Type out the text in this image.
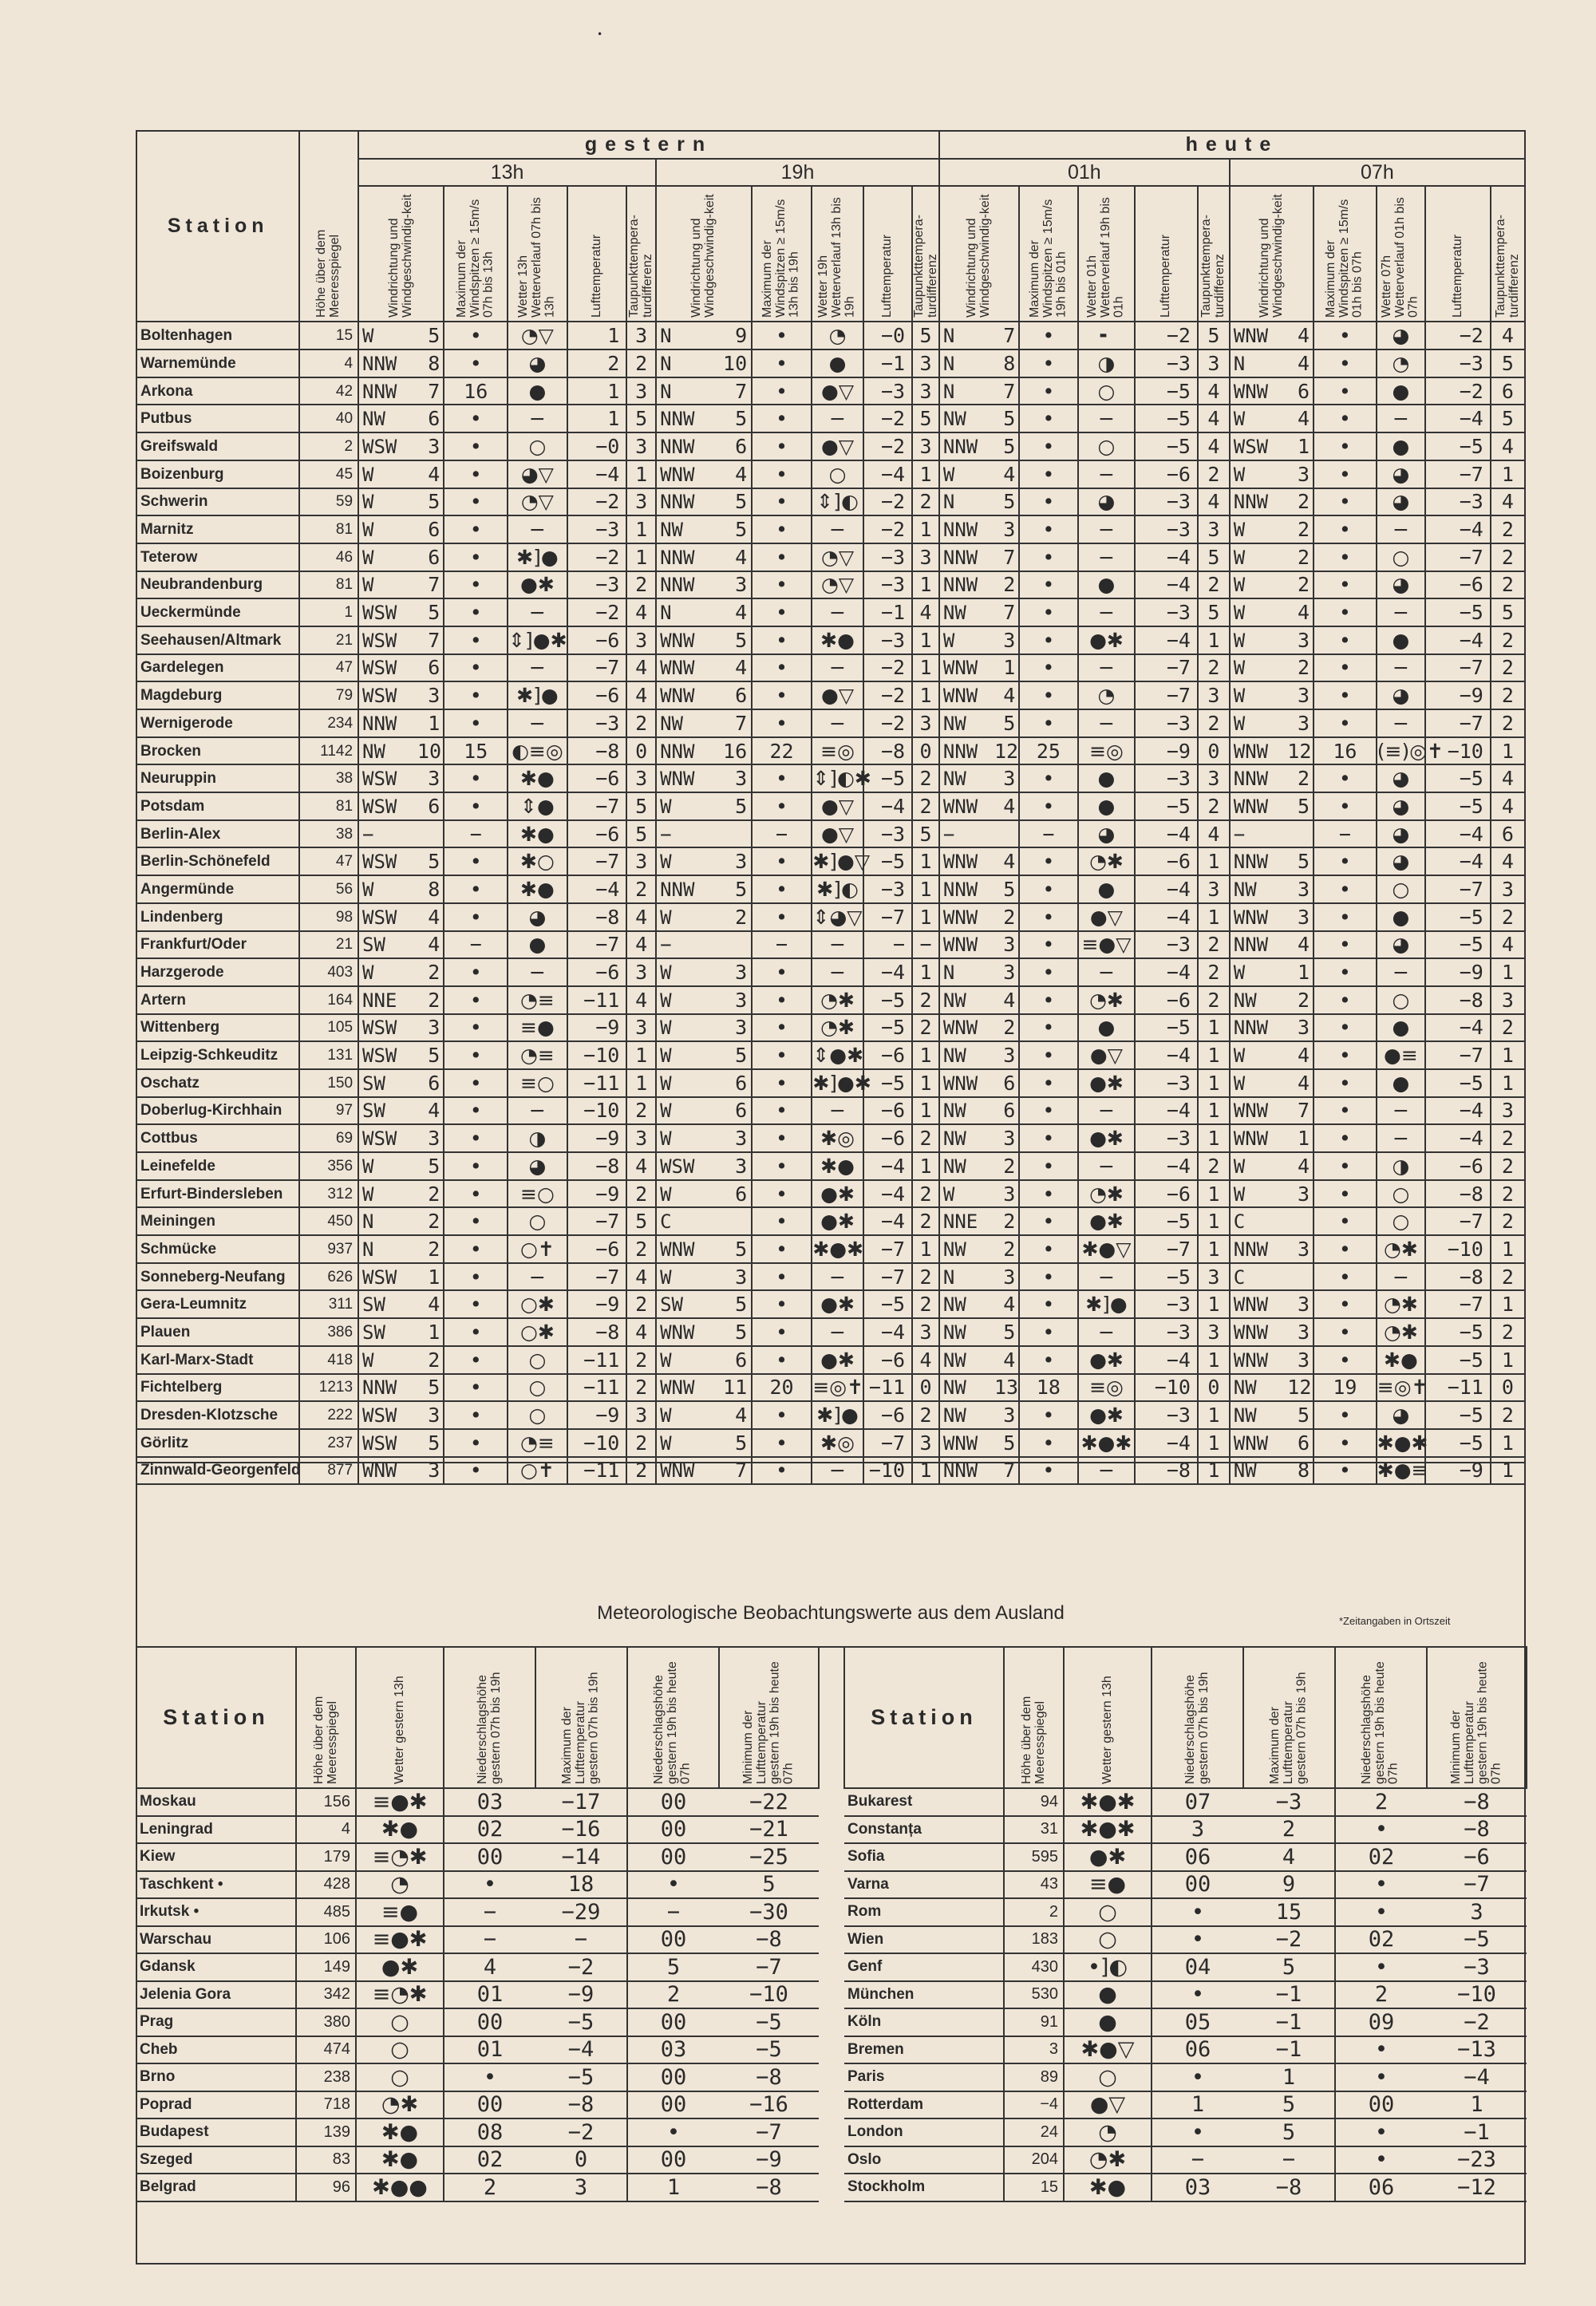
•
Station	Höhe über dem Meeresspiegel	gestern										heute									
		13h					19h					01h					07h				

		Windrichtung und Windgeschwindig-keit	Maximum der Windspitzen ≥ 15m/s 07h bis 13h	Wetter 13h Wetterverlauf 07h bis 13h	Lufttemperatur	Taupunkttempera-turdifferenz	Windrichtung und Windgeschwindig-keit	Maximum der Windspitzen ≥ 15m/s 13h bis 19h	Wetter 19h Wetterverlauf 13h bis 19h	Lufttemperatur	Taupunkttempera-turdifferenz	Windrichtung und Windgeschwindig-keit	Maximum der Windspitzen ≥ 15m/s 19h bis 01h	Wetter 01h Wetterverlauf 19h bis 01h	Lufttemperatur	Taupunkttempera-turdifferenz	Windrichtung und Windgeschwindig-keit	Maximum der Windspitzen ≥ 15m/s 01h bis 07h	Wetter 07h Wetterverlauf 01h bis 07h	Lufttemperatur	Taupunkttempera-turdifferenz

Boltenhagen	15	W 5	•	◔▽	1	3	N 9	•	◔	−0	5	N 7	•	╸	−2	5	WNW 4	•	◕	−2	4
Warnemünde	4	NNW 8	•	◕	2	2	N 10	•	●	−1	3	N 8	•	◑	−3	3	N 4	•	◔	−3	5
Arkona	42	NNW 7	16	●	1	3	N 7	•	●▽	−3	3	N 7	•	○	−5	4	WNW 6	•	●	−2	6
Putbus	40	NW 6	•	−	1	5	NNW 5	•	−	−2	5	NW 5	•	−	−5	4	W 4	•	−	−4	5
Greifswald	2	WSW 3	•	○	−0	3	NNW 6	•	●▽	−2	3	NNW 5	•	○	−5	4	WSW 1	•	●	−5	4
Boizenburg	45	W 4	•	◕▽	−4	1	WNW 4	•	○	−4	1	W 4	•	−	−6	2	W 3	•	◕	−7	1
Schwerin	59	W 5	•	◔▽	−2	3	NNW 5	•	⇕]◐	−2	2	N 5	•	◕	−3	4	NNW 2	•	◕	−3	4
Marnitz	81	W 6	•	−	−3	1	NW 5	•	−	−2	1	NNW 3	•	−	−3	3	W 2	•	−	−4	2
Teterow	46	W 6	•	✱]●	−2	1	NNW 4	•	◔▽	−3	3	NNW 7	•	−	−4	5	W 2	•	○	−7	2
Neubrandenburg	81	W 7	•	●✱	−3	2	NNW 3	•	◔▽	−3	1	NNW 2	•	●	−4	2	W 2	•	◕	−6	2
Ueckermünde	1	WSW 5	•	−	−2	4	N 4	•	−	−1	4	NW 7	•	−	−3	5	W 4	•	−	−5	5
Seehausen/Altmark	21	WSW 7	•	⇕]●✱	−6	3	WNW 5	•	✱●	−3	1	W 3	•	●✱	−4	1	W 3	•	●	−4	2
Gardelegen	47	WSW 6	•	−	−7	4	WNW 4	•	−	−2	1	WNW 1	•	−	−7	2	W 2	•	−	−7	2
Magdeburg	79	WSW 3	•	✱]●	−6	4	WNW 6	•	●▽	−2	1	WNW 4	•	◔	−7	3	W 3	•	◕	−9	2
Wernigerode	234	NNW 1	•	−	−3	2	NW 7	•	−	−2	3	NW 5	•	−	−3	2	W 3	•	−	−7	2
Brocken	1142	NW 10	15	◐≡◎	−8	0	NNW 16	22	≡◎	−8	0	NNW 12	25	≡◎	−9	0	WNW 12	16	(≡)◎✝	−10	1
Neuruppin	38	WSW 3	•	✱●	−6	3	WNW 3	•	⇕]◐✱	−5	2	NW 3	•	●	−3	3	NNW 2	•	◕	−5	4
Potsdam	81	WSW 6	•	⇕●	−7	5	W 5	•	●▽	−4	2	WNW 4	•	●	−5	2	WNW 5	•	◕	−5	4
Berlin-Alex	38	−	−	✱●	−6	5	−	−	●▽	−3	5	−	−	◕	−4	4	−	−	◕	−4	6
Berlin-Schönefeld	47	WSW 5	•	✱○	−7	3	W 3	•	✱]●▽	−5	1	WNW 4	•	◔✱	−6	1	NNW 5	•	◕	−4	4
Angermünde	56	W 8	•	✱●	−4	2	NNW 5	•	✱]◐	−3	1	NNW 5	•	●	−4	3	NW 3	•	○	−7	3
Lindenberg	98	WSW 4	•	◕	−8	4	W 2	•	⇕◕▽	−7	1	WNW 2	•	●▽	−4	1	WNW 3	•	●	−5	2
Frankfurt/Oder	21	SW 4	−	●	−7	4	−	−	−	−	−	WNW 3	•	≡●▽	−3	2	NNW 4	•	◕	−5	4
Harzgerode	403	W 2	•	−	−6	3	W 3	•	−	−4	1	N 3	•	−	−4	2	W 1	•	−	−9	1
Artern	164	NNE 2	•	◔≡	−11	4	W 3	•	◔✱	−5	2	NW 4	•	◔✱	−6	2	NW 2	•	○	−8	3
Wittenberg	105	WSW 3	•	≡●	−9	3	W 3	•	◔✱	−5	2	WNW 2	•	●	−5	1	NNW 3	•	●	−4	2
Leipzig-Schkeuditz	131	WSW 5	•	◔≡	−10	1	W 5	•	⇕●✱	−6	1	NW 3	•	●▽	−4	1	W 4	•	●≡	−7	1
Oschatz	150	SW 6	•	≡○	−11	1	W 6	•	✱]●✱	−5	1	WNW 6	•	●✱	−3	1	W 4	•	●	−5	1
Doberlug-Kirchhain	97	SW 4	•	−	−10	2	W 6	•	−	−6	1	NW 6	•	−	−4	1	WNW 7	•	−	−4	3
Cottbus	69	WSW 3	•	◑	−9	3	W 3	•	✱◎	−6	2	NW 3	•	●✱	−3	1	WNW 1	•	−	−4	2
Leinefelde	356	W 5	•	◕	−8	4	WSW 3	•	✱●	−4	1	NW 2	•	−	−4	2	W 4	•	◑	−6	2
Erfurt-Bindersleben	312	W 2	•	≡○	−9	2	W 6	•	●✱	−4	2	W 3	•	◔✱	−6	1	W 3	•	○	−8	2
Meiningen	450	N 2	•	○	−7	5	C	•	●✱	−4	2	NNE 2	•	●✱	−5	1	C	•	○	−7	2
Schmücke	937	N 2	•	○✝	−6	2	WNW 5	•	✱●✱	−7	1	NW 2	•	✱●▽	−7	1	NNW 3	•	◔✱	−10	1
Sonneberg-Neufang	626	WSW 1	•	−	−7	4	W 3	•	−	−7	2	N 3	•	−	−5	3	C	•	−	−8	2
Gera-Leumnitz	311	SW 4	•	○✱	−9	2	SW 5	•	●✱	−5	2	NW 4	•	✱]●	−3	1	WNW 3	•	◔✱	−7	1
Plauen	386	SW 1	•	○✱	−8	4	WNW 5	•	−	−4	3	NW 5	•	−	−3	3	WNW 3	•	◔✱	−5	2
Karl-Marx-Stadt	418	W 2	•	○	−11	2	W 6	•	●✱	−6	4	NW 4	•	●✱	−4	1	WNW 3	•	✱●	−5	1
Fichtelberg	1213	NNW 5	•	○	−11	2	WNW 11	20	≡◎✝	−11	0	NW 13	18	≡◎	−10	0	NW 12	19	≡◎✝	−11	0
Dresden-Klotzsche	222	WSW 3	•	○	−9	3	W 4	•	✱]●	−6	2	NW 3	•	●✱	−3	1	NW 5	•	◕	−5	2
Görlitz	237	WSW 5	•	◔≡	−10	2	W 5	•	✱◎	−7	3	WNW 5	•	✱●✱	−4	1	WNW 6	•	✱●✱	−5	1
Zinnwald-Georgenfeld	877	WNW 3	•	○✝	−11	2	WNW 7	•	−	−10	1	NNW 7	•	−	−8	1	NW 8	•	✱●≡	−9	1
Meteorologische Beobachtungswerte aus dem Ausland	*Zeitangaben in Ortszeit
Station	Höhe über dem Meeresspiegel	Wetter gestern 13h	Niederschlagshöhe gestern 07h bis 19h	Maximum der Lufttemperatur gestern 07h bis 19h	Niederschlagshöhe gestern 19h bis heute 07h	Minimum der Lufttemperatur gestern 19h bis heute 07h

Moskau	156	≡●✱	03	−17	00	−22
Leningrad	4	✱●	02	−16	00	−21
Kiew	179	≡◔✱	00	−14	00	−25
Taschkent •	428	◔	•	18	•	5
Irkutsk •	485	≡●	−	−29	−	−30
Warschau	106	≡●✱	−	−	00	−8
Gdansk	149	●✱	4	−2	5	−7
Jelenia Gora	342	≡◔✱	01	−9	2	−10
Prag	380	○	00	−5	00	−5
Cheb	474	○	01	−4	03	−5
Brno	238	○	•	−5	00	−8
Poprad	718	◔✱	00	−8	00	−16
Budapest	139	✱●	08	−2	•	−7
Szeged	83	✱●	02	0	00	−9
Belgrad	96	✱●●	2	3	1	−8
Station	Höhe über dem Meeresspiegel	Wetter gestern 13h	Niederschlagshöhe gestern 07h bis 19h	Maximum der Lufttemperatur gestern 07h bis 19h	Niederschlagshöhe gestern 19h bis heute 07h	Minimum der Lufttemperatur gestern 19h bis heute 07h

Bukarest	94	✱●✱	07	−3	2	−8
Constanța	31	✱●✱	3	2	•	−8
Sofia	595	●✱	06	4	02	−6
Varna	43	≡●	00	9	•	−7
Rom	2	○	•	15	•	3
Wien	183	○	•	−2	02	−5
Genf	430	•]◐	04	5	•	−3
München	530	●	•	−1	2	−10
Köln	91	●	05	−1	09	−2
Bremen	3	✱●▽	06	−1	•	−13
Paris	89	○	•	1	•	−4
Rotterdam	−4	●▽	1	5	00	1
London	24	◔	•	5	•	−1
Oslo	204	◔✱	−	−	•	−23
Stockholm	15	✱●	03	−8	06	−12
